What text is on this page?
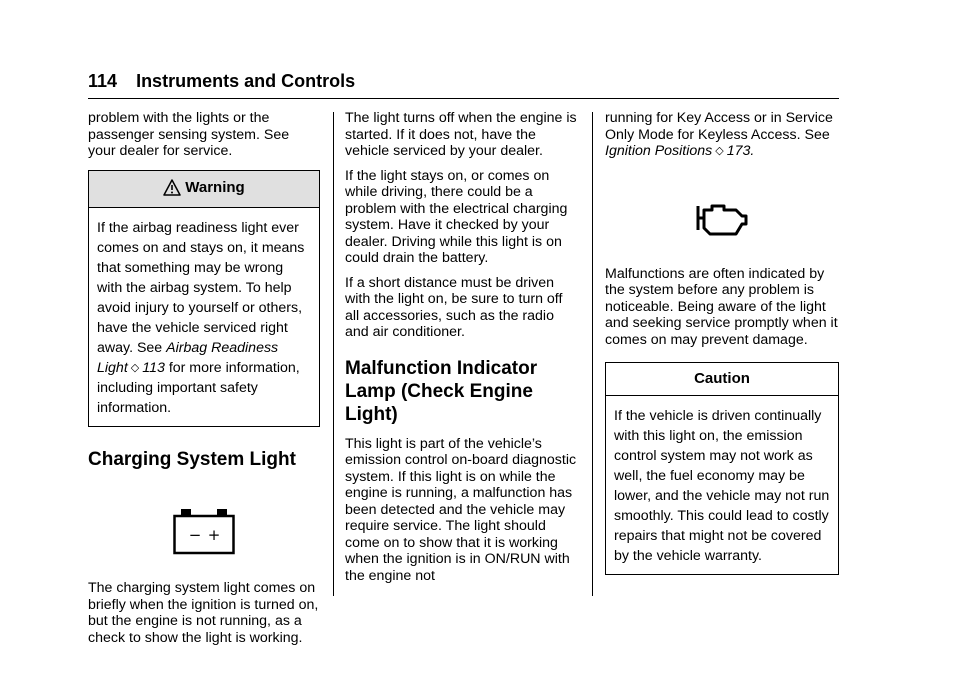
114 Instruments and Controls

problem with the lights or the passenger sensing system. See your dealer for service.

Warning
If the airbag readiness light ever comes on and stays on, it means that something may be wrong with the airbag system. To help avoid injury to yourself or others, have the vehicle serviced right away. See Airbag Readiness Light ◇ 113 for more information, including important safety information.
Charging System Light
− +

The charging system light comes on briefly when the ignition is turned on, but the engine is not running, as a check to show the light is working.

The light turns off when the engine is started. If it does not, have the vehicle serviced by your dealer.

If the light stays on, or comes on while driving, there could be a problem with the electrical charging system. Have it checked by your dealer. Driving while this light is on could drain the battery.

If a short distance must be driven with the light on, be sure to turn off all accessories, such as the radio and air conditioner.

Malfunction Indicator Lamp (Check Engine Light)

This light is part of the vehicle’s emission control on-board diagnostic system. If this light is on while the engine is running, a malfunction has been detected and the vehicle may require service. The light should come on to show that it is working when the ignition is in ON/RUN with the engine not

running for Key Access or in Service Only Mode for Keyless Access. See Ignition Positions ◇ 173.

Malfunctions are often indicated by the system before any problem is noticeable. Being aware of the light and seeking service promptly when it comes on may prevent damage.

Caution
If the vehicle is driven continually with this light on, the emission control system may not work as well, the fuel economy may be lower, and the vehicle may not run smoothly. This could lead to costly repairs that might not be covered by the vehicle warranty.
